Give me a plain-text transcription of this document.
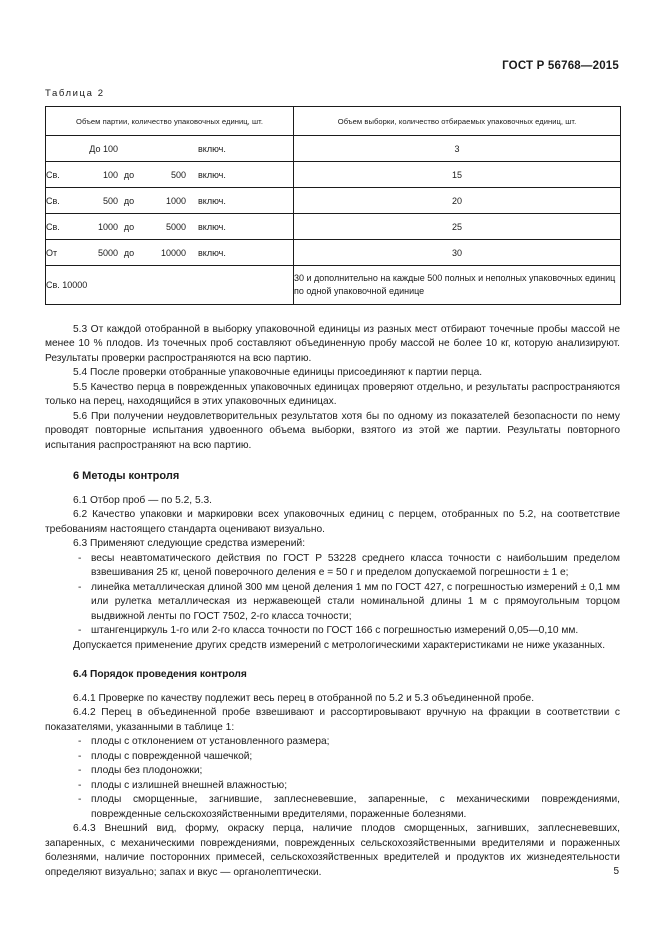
ГОСТ Р 56768—2015
Таблица 2
Объем партии, количество упаковочных единиц, шт.	Объем выборки, количество отбираемых упаковочных единиц, шт.

До 100 включ.	3

Св. 100 до 500 включ.	15

Св. 500 до 1000 включ.	20

Св. 1000 до 5000 включ.	25

От 5000 до 10000 включ.	30
Св. 10000	30 и дополнительно на каждые 500 полных и неполных упаковочных единиц по одной упаковочной единице

5.3 От каждой отобранной в выборку упаковочной единицы из разных мест отбирают точечные пробы массой не менее 10 % плодов. Из точечных проб составляют объединенную пробу массой не более 10 кг, которую анализируют. Результаты проверки распространяются на всю партию.

5.4 После проверки отобранные упаковочные единицы присоединяют к партии перца.

5.5 Качество перца в поврежденных упаковочных единицах проверяют отдельно, и результаты распространяются только на перец, находящийся в этих упаковочных единицах.

5.6 При получении неудовлетворительных результатов хотя бы по одному из показателей безопасности по нему проводят повторные испытания удвоенного объема выборки, взятого из этой же партии. Результаты повторного испытания распространяют на всю партию.

6 Методы контроля

6.1 Отбор проб — по 5.2, 5.3.

6.2 Качество упаковки и маркировки всех упаковочных единиц с перцем, отобранных по 5.2, на соответствие требованиям настоящего стандарта оценивают визуально.

6.3 Применяют следующие средства измерений:

- весы неавтоматического действия по ГОСТ Р 53228 среднего класса точности с наибольшим пределом взвешивания 25 кг, ценой поверочного деления e = 50 г и пределом допускаемой погрешности ± 1 e;
- линейка металлическая длиной 300 мм ценой деления 1 мм по ГОСТ 427, с погрешностью измерений ± 0,1 мм или рулетка металлическая из нержавеющей стали номинальной длины 1 м с прямоугольным торцом выдвижной ленты по ГОСТ 7502, 2-го класса точности;
- штангенциркуль 1-го или 2-го класса точности по ГОСТ 166 с погрешностью измерений 0,05—0,10 мм.

Допускается применение других средств измерений с метрологическими характеристиками не ниже указанных.

6.4 Порядок проведения контроля

6.4.1 Проверке по качеству подлежит весь перец в отобранной по 5.2 и 5.3 объединенной пробе.

6.4.2 Перец в объединенной пробе взвешивают и рассортировывают вручную на фракции в соответствии с показателями, указанными в таблице 1:

- плоды с отклонением от установленного размера;
- плоды с поврежденной чашечкой;
- плоды без плодоножки;
- плоды с излишней внешней влажностью;
- плоды сморщенные, загнившие, заплесневевшие, запаренные, с механическими повреждениями, поврежденные сельскохозяйственными вредителями, пораженные болезнями.

6.4.3 Внешний вид, форму, окраску перца, наличие плодов сморщенных, загнивших, заплесневевших, запаренных, с механическими повреждениями, поврежденных сельскохозяйственными вредителями и пораженных болезнями, наличие посторонних примесей, сельскохозяйственных вредителей и продуктов их жизнедеятельности определяют визуально; запах и вкус — органолептически.	5
